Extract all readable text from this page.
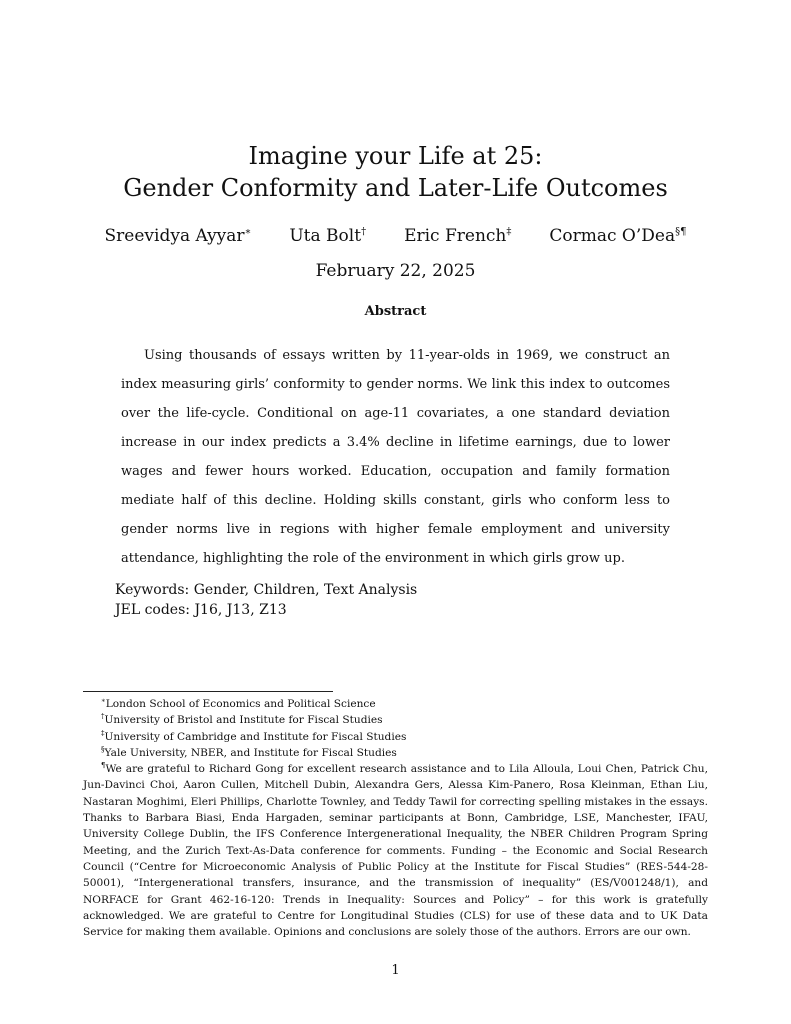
Imagine your Life at 25:
Gender Conformity and Later-Life Outcomes
Sreevidya Ayyar∗ Uta Bolt† Eric French‡ Cormac O’Dea§¶
February 22, 2025
Abstract

Using thousands of essays written by 11-year-olds in 1969, we construct an index measuring girls’ conformity to gender norms. We link this index to outcomes over the life-cycle. Conditional on age-11 covariates, a one standard deviation increase in our index predicts a 3.4% decline in lifetime earnings, due to lower wages and fewer hours worked. Education, occupation and family formation mediate half of this decline. Holding skills constant, girls who conform less to gender norms live in regions with higher female employment and university attendance, highlighting the role of the environment in which girls grow up.

Keywords: Gender, Children, Text Analysis
JEL codes: J16, J13, Z13
∗London School of Economics and Political Science
†University of Bristol and Institute for Fiscal Studies
‡University of Cambridge and Institute for Fiscal Studies
§Yale University, NBER, and Institute for Fiscal Studies
¶We are grateful to Richard Gong for excellent research assistance and to Lila Alloula, Loui Chen, Patrick Chu, Jun-Davinci Choi, Aaron Cullen, Mitchell Dubin, Alexandra Gers, Alessa Kim-Panero, Rosa Kleinman, Ethan Liu, Nastaran Moghimi, Eleri Phillips, Charlotte Townley, and Teddy Tawil for correcting spelling mistakes in the essays. Thanks to Barbara Biasi, Enda Hargaden, seminar participants at Bonn, Cambridge, LSE, Manchester, IFAU, University College Dublin, the IFS Conference Intergenerational Inequality, the NBER Children Program Spring Meeting, and the Zurich Text-As-Data conference for comments. Funding – the Economic and Social Research Council (“Centre for Microeconomic Analysis of Public Policy at the Institute for Fiscal Studies” (RES-544-28-50001), “Intergenerational transfers, insurance, and the transmission of inequality” (ES/V001248/1), and NORFACE for Grant 462-16-120: Trends in Inequality: Sources and Policy” – for this work is gratefully acknowledged. We are grateful to Centre for Longitudinal Studies (CLS) for use of these data and to UK Data Service for making them available. Opinions and conclusions are solely those of the authors. Errors are our own.
1
